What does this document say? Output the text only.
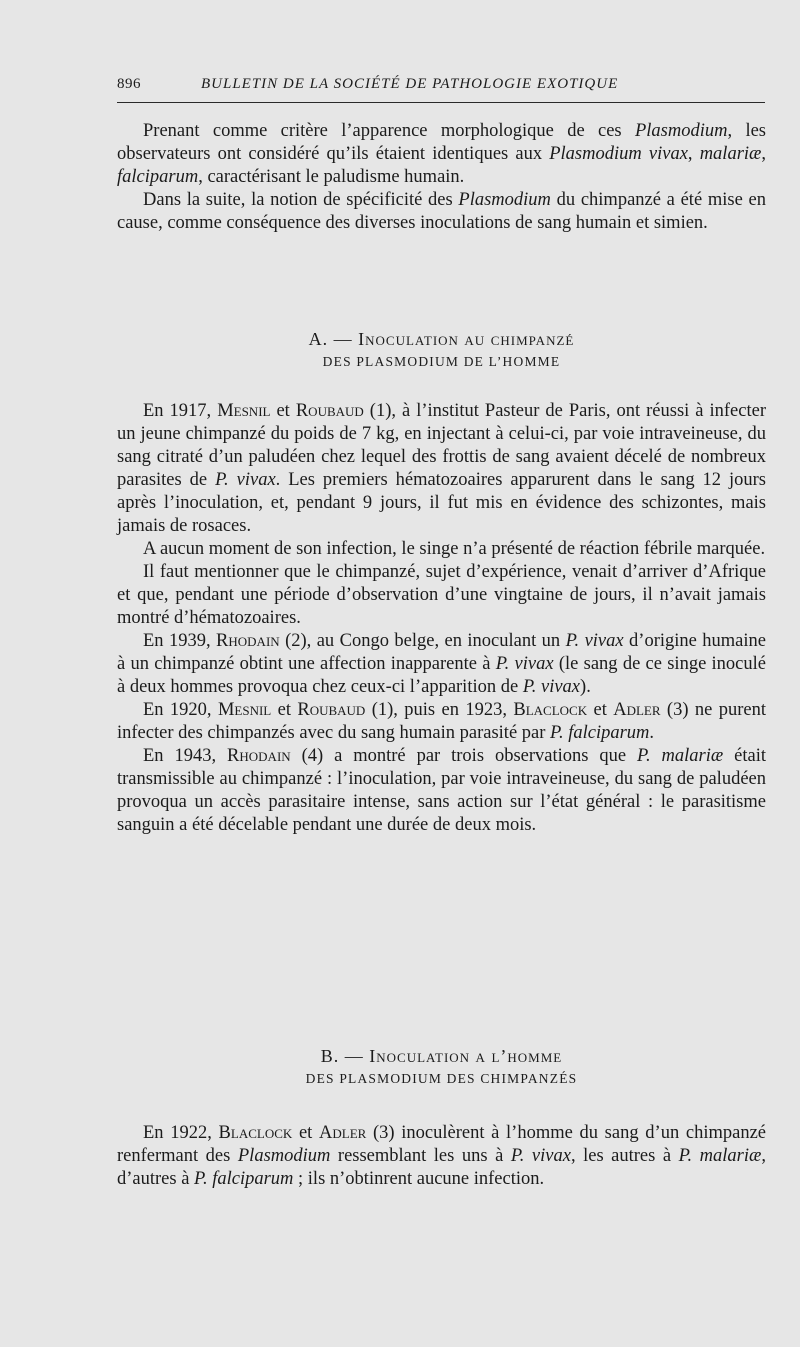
896	BULLETIN DE LA SOCIÉTÉ DE PATHOLOGIE EXOTIQUE

Prenant comme critère l’apparence morphologique de ces Plasmodium, les observateurs ont considéré qu’ils étaient identiques aux Plasmodium vivax, malariæ, falciparum, caractérisant le paludisme humain.

Dans la suite, la notion de spécificité des Plasmodium du chimpanzé a été mise en cause, comme conséquence des diverses inoculations de sang humain et simien.

A. — Inoculation au chimpanzé
DES PLASMODIUM DE L’HOMME

En 1917, Mesnil et Roubaud (1), à l’institut Pasteur de Paris, ont réussi à infecter un jeune chimpanzé du poids de 7 kg, en injectant à celui-ci, par voie intraveineuse, du sang citraté d’un paludéen chez lequel des frottis de sang avaient décelé de nombreux parasites de P. vivax. Les premiers hématozoaires apparurent dans le sang 12 jours après l’inoculation, et, pendant 9 jours, il fut mis en évidence des schizontes, mais jamais de rosaces.

A aucun moment de son infection, le singe n’a présenté de réaction fébrile marquée.

Il faut mentionner que le chimpanzé, sujet d’expérience, venait d’arriver d’Afrique et que, pendant une période d’observation d’une vingtaine de jours, il n’avait jamais montré d’hématozoaires.

En 1939, Rhodain (2), au Congo belge, en inoculant un P. vivax d’origine humaine à un chimpanzé obtint une affection inapparente à P. vivax (le sang de ce singe inoculé à deux hommes provoqua chez ceux-ci l’apparition de P. vivax).

En 1920, Mesnil et Roubaud (1), puis en 1923, Blaclock et Adler (3) ne purent infecter des chimpanzés avec du sang humain parasité par P. falciparum.

En 1943, Rhodain (4) a montré par trois observations que P. malariæ était transmissible au chimpanzé : l’inoculation, par voie intraveineuse, du sang de paludéen provoqua un accès parasitaire intense, sans action sur l’état général : le parasitisme sanguin a été décelable pendant une durée de deux mois.

B. — Inoculation a l’homme
DES PLASMODIUM DES CHIMPANZÉS

En 1922, Blaclock et Adler (3) inoculèrent à l’homme du sang d’un chimpanzé renfermant des Plasmodium ressemblant les uns à P. vivax, les autres à P. malariæ, d’autres à P. falciparum ; ils n’obtinrent aucune infection.
